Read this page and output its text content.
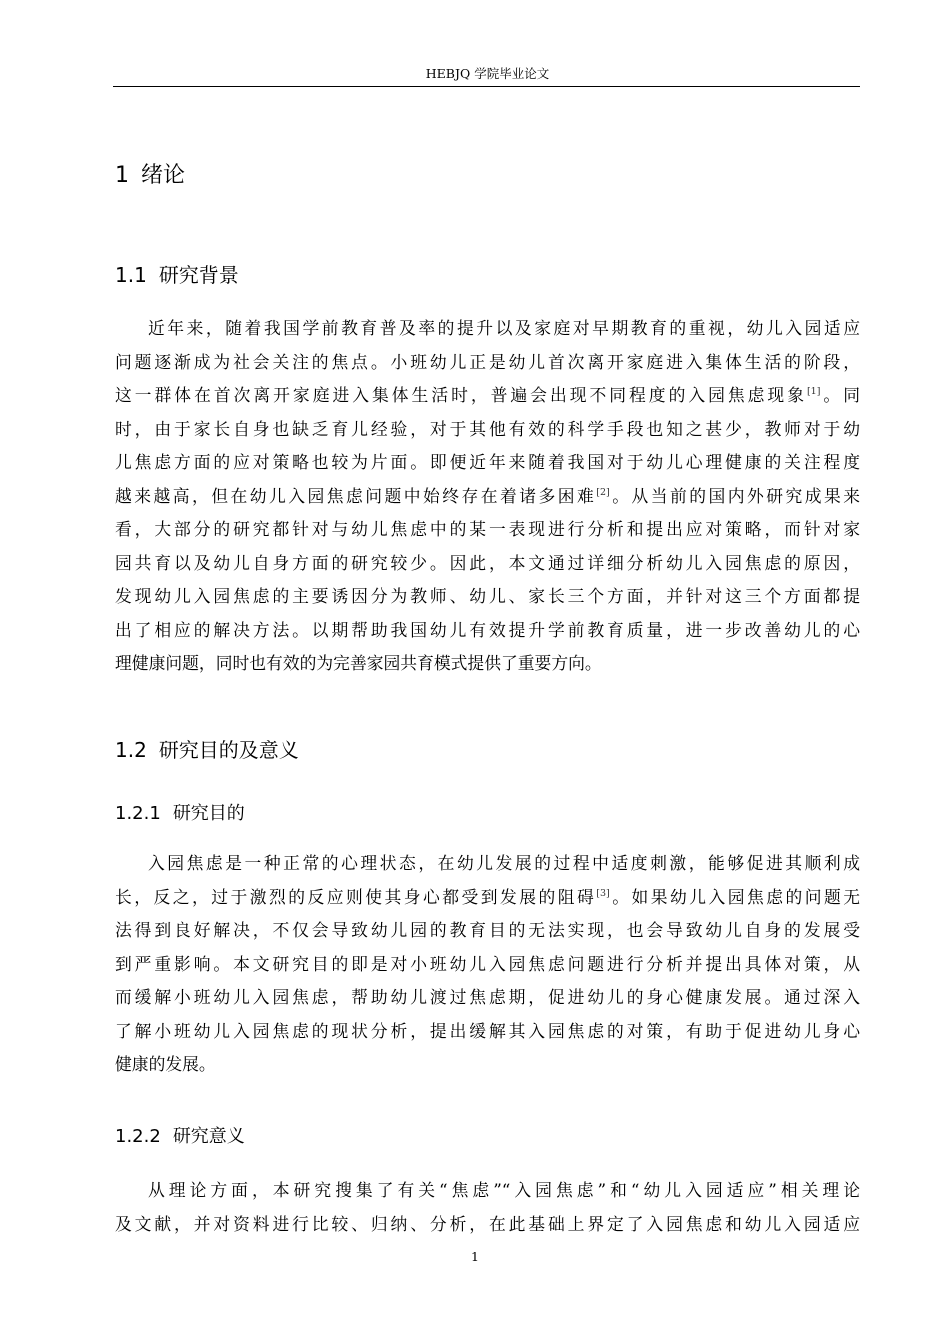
HEBJQ 学院毕业论文
1 绪论
1.1 研究背景
近年来，随着我国学前教育普及率的提升以及家庭对早期教育的重视，幼儿入园适应
问题逐渐成为社会关注的焦点。小班幼儿正是幼儿首次离开家庭进入集体生活的阶段，
这一群体在首次离开家庭进入集体生活时，普遍会出现不同程度的入园焦虑现象[1]。同
时，由于家长自身也缺乏育儿经验，对于其他有效的科学手段也知之甚少，教师对于幼
儿焦虑方面的应对策略也较为片面。即便近年来随着我国对于幼儿心理健康的关注程度
越来越高，但在幼儿入园焦虑问题中始终存在着诸多困难[2]。从当前的国内外研究成果来
看，大部分的研究都针对与幼儿焦虑中的某一表现进行分析和提出应对策略，而针对家
园共育以及幼儿自身方面的研究较少。因此，本文通过详细分析幼儿入园焦虑的原因，
发现幼儿入园焦虑的主要诱因分为教师、幼儿、家长三个方面，并针对这三个方面都提
出了相应的解决方法。以期帮助我国幼儿有效提升学前教育质量，进一步改善幼儿的心
理健康问题，同时也有效的为完善家园共育模式提供了重要方向。
1.2 研究目的及意义
1.2.1 研究目的
入园焦虑是一种正常的心理状态，在幼儿发展的过程中适度刺激，能够促进其顺利成
长，反之，过于激烈的反应则使其身心都受到发展的阻碍[3]。如果幼儿入园焦虑的问题无
法得到良好解决，不仅会导致幼儿园的教育目的无法实现，也会导致幼儿自身的发展受
到严重影响。本文研究目的即是对小班幼儿入园焦虑问题进行分析并提出具体对策，从
而缓解小班幼儿入园焦虑，帮助幼儿渡过焦虑期，促进幼儿的身心健康发展。通过深入
了解小班幼儿入园焦虑的现状分析，提出缓解其入园焦虑的对策，有助于促进幼儿身心
健康的发展。
1.2.2 研究意义
从理论方面，本研究搜集了有关“焦虑”“入园焦虑”和“幼儿入园适应”相关理论
及文献，并对资料进行比较、归纳、分析，在此基础上界定了入园焦虑和幼儿入园适应
1
